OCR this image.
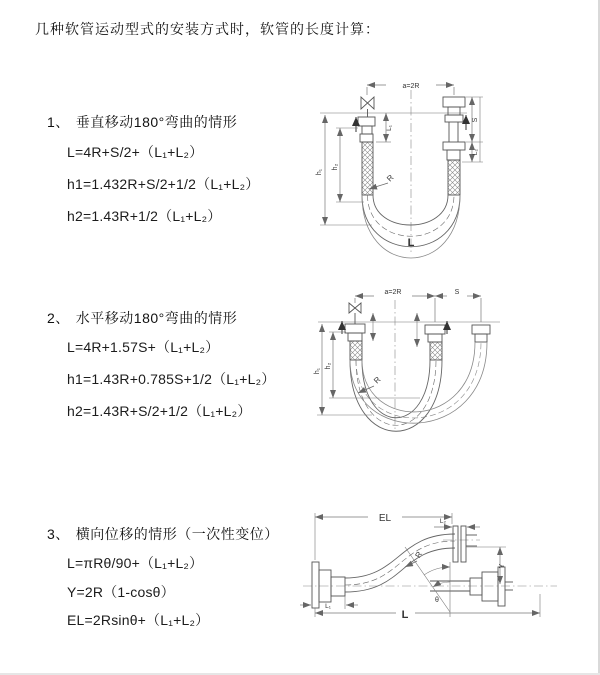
几种软管运动型式的安装方式时，软管的长度计算：
1、 垂直移动180°弯曲的情形
L=4R+S/2+（L₁+L₂）
h1=1.432R+S/2+1/2（L₁+L₂）
h2=1.43R+1/2（L₁+L₂）
2、 水平移动180°弯曲的情形
L=4R+1.57S+（L₁+L₂）
h1=1.43R+0.785S+1/2（L₁+L₂）
h2=1.43R+S/2+1/2（L₁+L₂）
3、 横向位移的情形（一次性变位）
L=πRθ/90+（L₁+L₂）
Y=2R（1-cosθ）
EL=2Rsinθ+（L₁+L₂）
a=2R
h₁
h₂
L₁
S
L₂
R
L
a=2R	S
h₁
h₂
R
EL	L₂
Y
θ
R
L₁
L
